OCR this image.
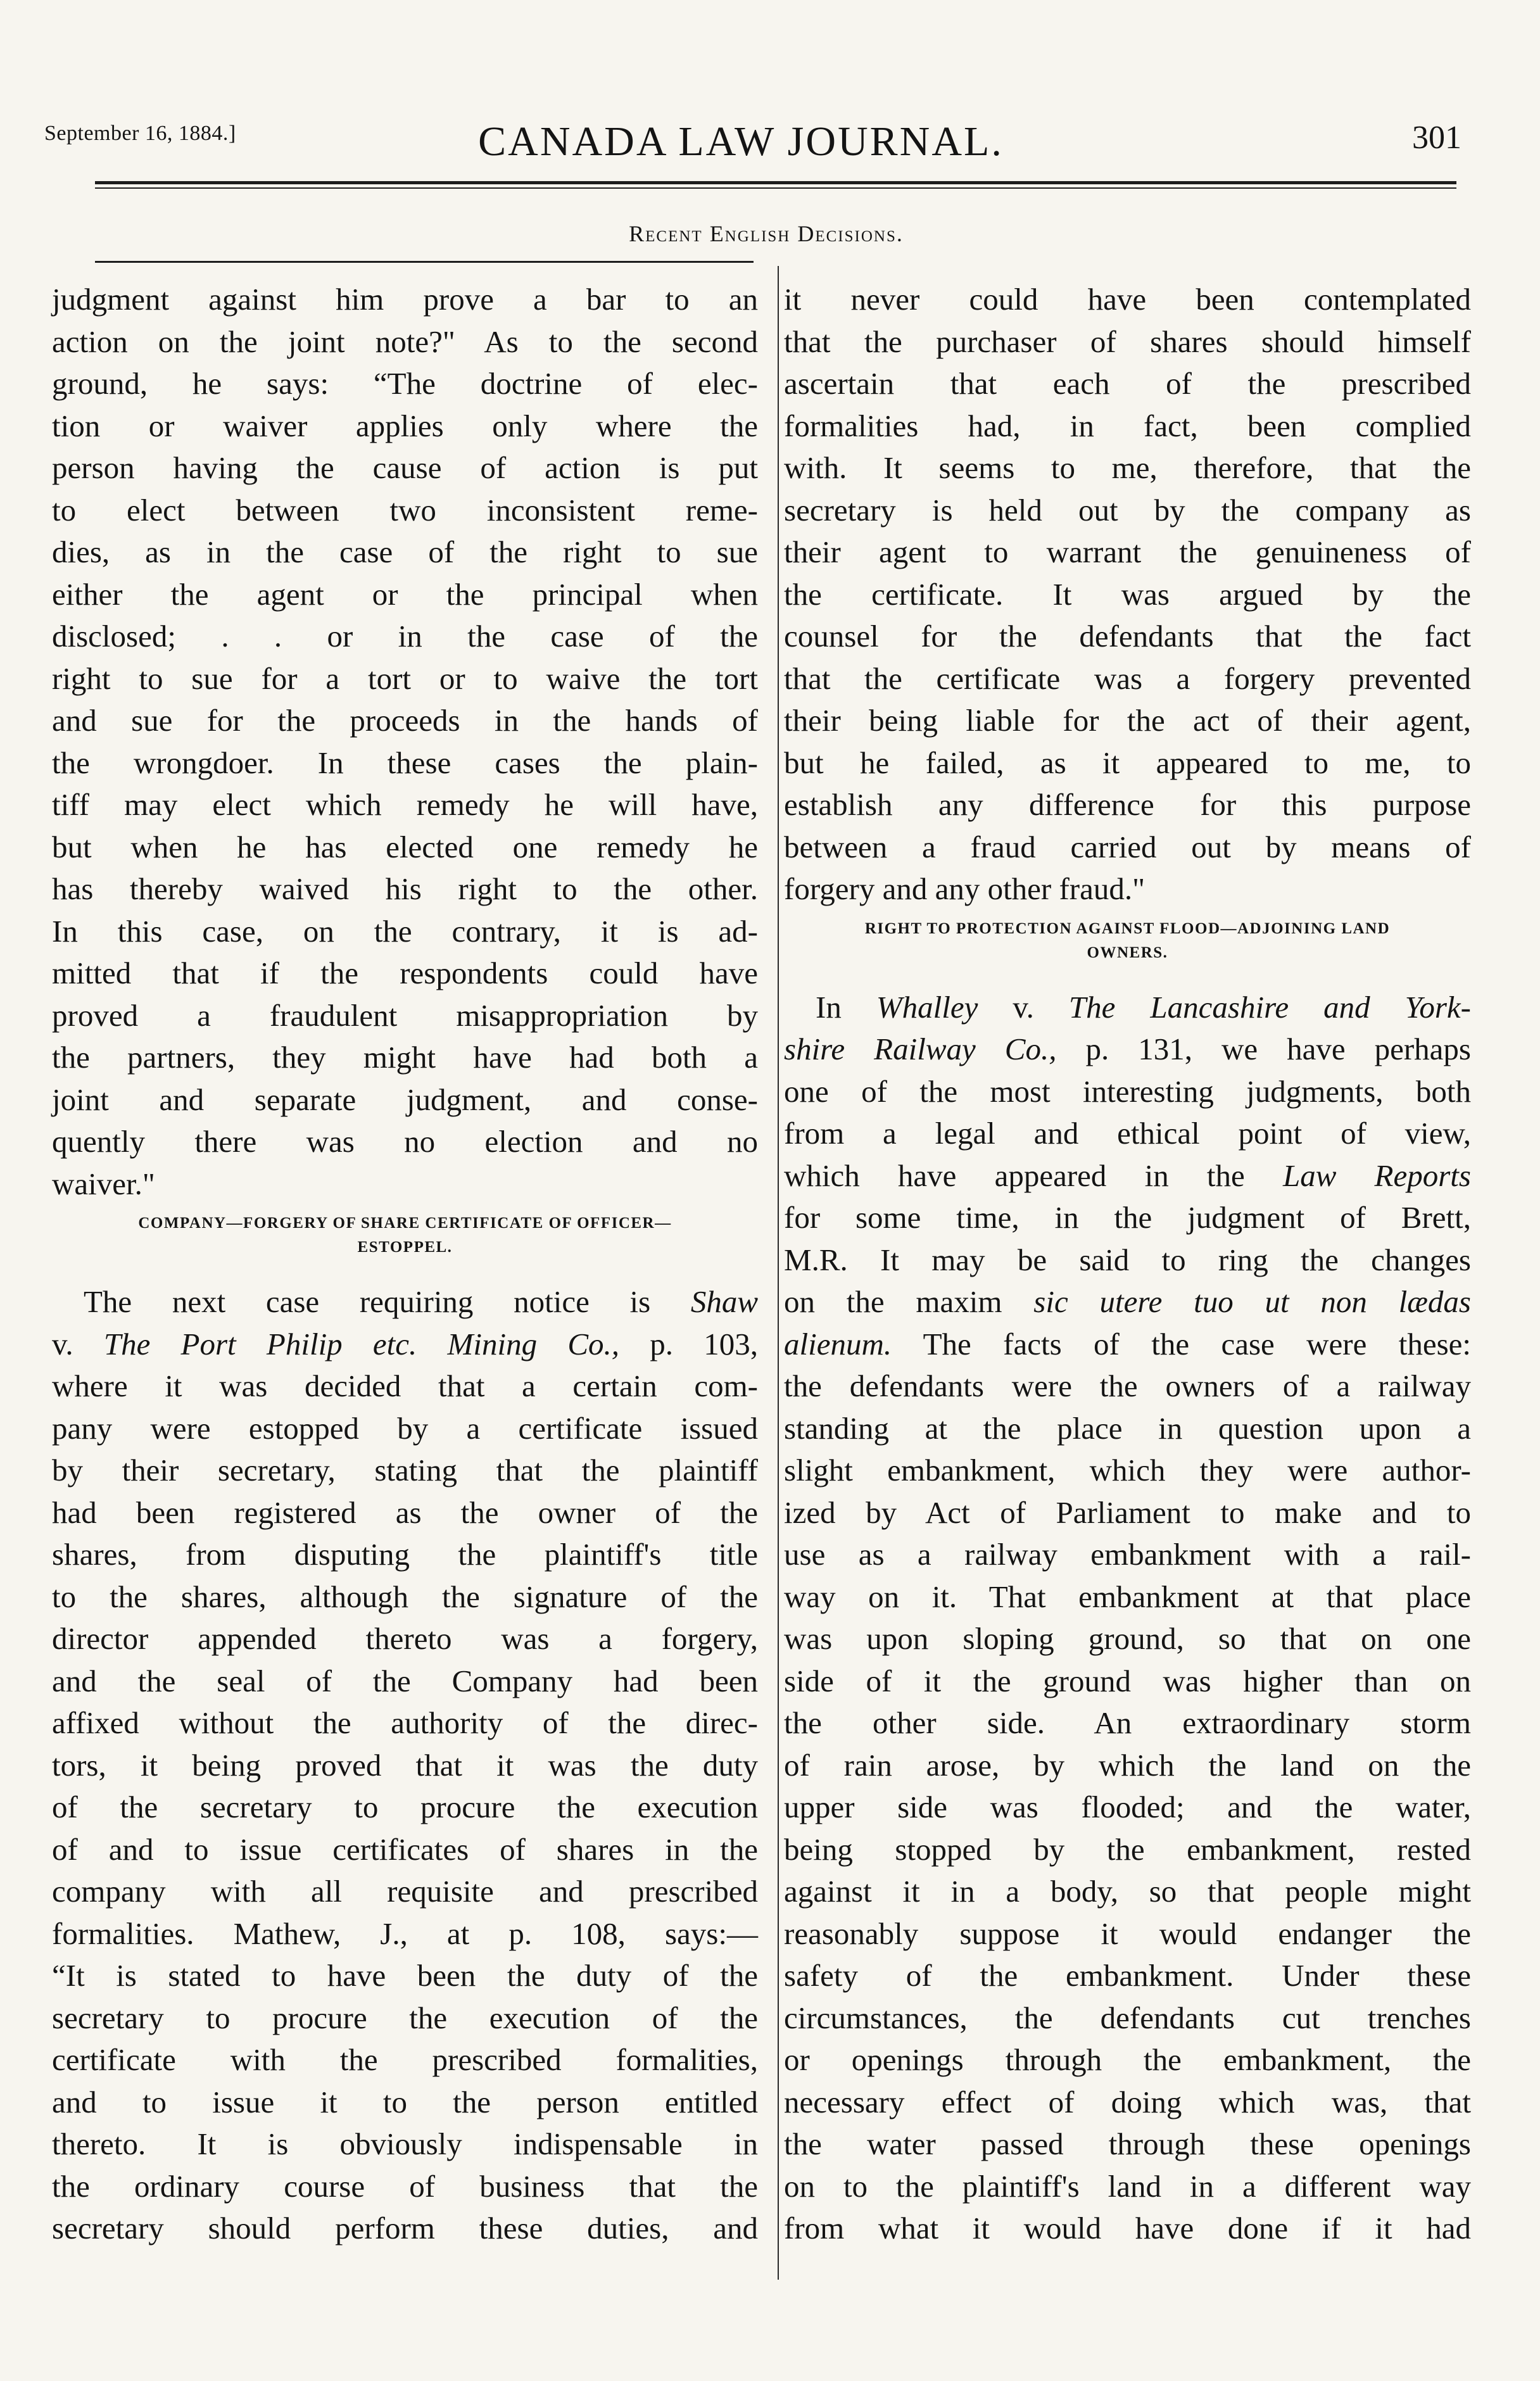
September 16, 1884.]	CANADA LAW JOURNAL.	301
Recent English Decisions.
judgment against him prove a bar to an
action on the joint note?" As to the second
ground, he says: “The doctrine of elec-
tion or waiver applies only where the
person having the cause of action is put
to elect between two inconsistent reme-
dies, as in the case of the right to sue
either the agent or the principal when
disclosed; . . or in the case of the
right to sue for a tort or to waive the tort
and sue for the proceeds in the hands of
the wrongdoer. In these cases the plain-
tiff may elect which remedy he will have,
but when he has elected one remedy he
has thereby waived his right to the other.
In this case, on the contrary, it is ad-
mitted that if the respondents could have
proved a fraudulent misappropriation by
the partners, they might have had both a
joint and separate judgment, and conse-
quently there was no election and no
waiver."
COMPANY—FORGERY OF SHARE CERTIFICATE OF OFFICER—
ESTOPPEL.
The next case requiring notice is Shaw
v. The Port Philip etc. Mining Co., p. 103,
where it was decided that a certain com-
pany were estopped by a certificate issued
by their secretary, stating that the plaintiff
had been registered as the owner of the
shares, from disputing the plaintiff's title
to the shares, although the signature of the
director appended thereto was a forgery,
and the seal of the Company had been
affixed without the authority of the direc-
tors, it being proved that it was the duty
of the secretary to procure the execution
of and to issue certificates of shares in the
company with all requisite and prescribed
formalities. Mathew, J., at p. 108, says:—
“It is stated to have been the duty of the
secretary to procure the execution of the
certificate with the prescribed formalities,
and to issue it to the person entitled
thereto. It is obviously indispensable in
the ordinary course of business that the
secretary should perform these duties, and
it never could have been contemplated
that the purchaser of shares should himself
ascertain that each of the prescribed
formalities had, in fact, been complied
with. It seems to me, therefore, that the
secretary is held out by the company as
their agent to warrant the genuineness of
the certificate. It was argued by the
counsel for the defendants that the fact
that the certificate was a forgery prevented
their being liable for the act of their agent,
but he failed, as it appeared to me, to
establish any difference for this purpose
between a fraud carried out by means of
forgery and any other fraud."
RIGHT TO PROTECTION AGAINST FLOOD—ADJOINING LAND
OWNERS.
In Whalley v. The Lancashire and York-
shire Railway Co., p. 131, we have perhaps
one of the most interesting judgments, both
from a legal and ethical point of view,
which have appeared in the Law Reports
for some time, in the judgment of Brett,
M.R. It may be said to ring the changes
on the maxim sic utere tuo ut non lædas
alienum. The facts of the case were these:
the defendants were the owners of a railway
standing at the place in question upon a
slight embankment, which they were author-
ized by Act of Parliament to make and to
use as a railway embankment with a rail-
way on it. That embankment at that place
was upon sloping ground, so that on one
side of it the ground was higher than on
the other side. An extraordinary storm
of rain arose, by which the land on the
upper side was flooded; and the water,
being stopped by the embankment, rested
against it in a body, so that people might
reasonably suppose it would endanger the
safety of the embankment. Under these
circumstances, the defendants cut trenches
or openings through the embankment, the
necessary effect of doing which was, that
the water passed through these openings
on to the plaintiff's land in a different way
from what it would have done if it had
